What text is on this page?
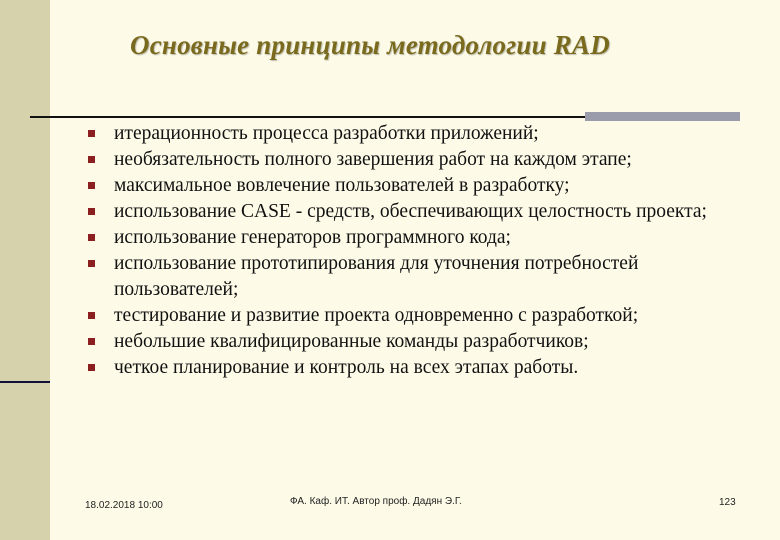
Основные принципы методологии RAD
итерационность процесса разработки приложений;
необязательность полного завершения работ на каждом этапе;
максимальное вовлечение пользователей в разработку;
использование CASE - средств, обеспечивающих целостность проекта;
использование генераторов программного кода;
использование прототипирования для уточнения потребностей пользователей;
тестирование и развитие проекта одновременно с разработкой;
небольшие квалифицированные команды разработчиков;
четкое планирование и контроль на всех этапах работы.
18.02.2018 10:00	ФА. Каф. ИТ. Автор проф. Дадян Э.Г.	123
